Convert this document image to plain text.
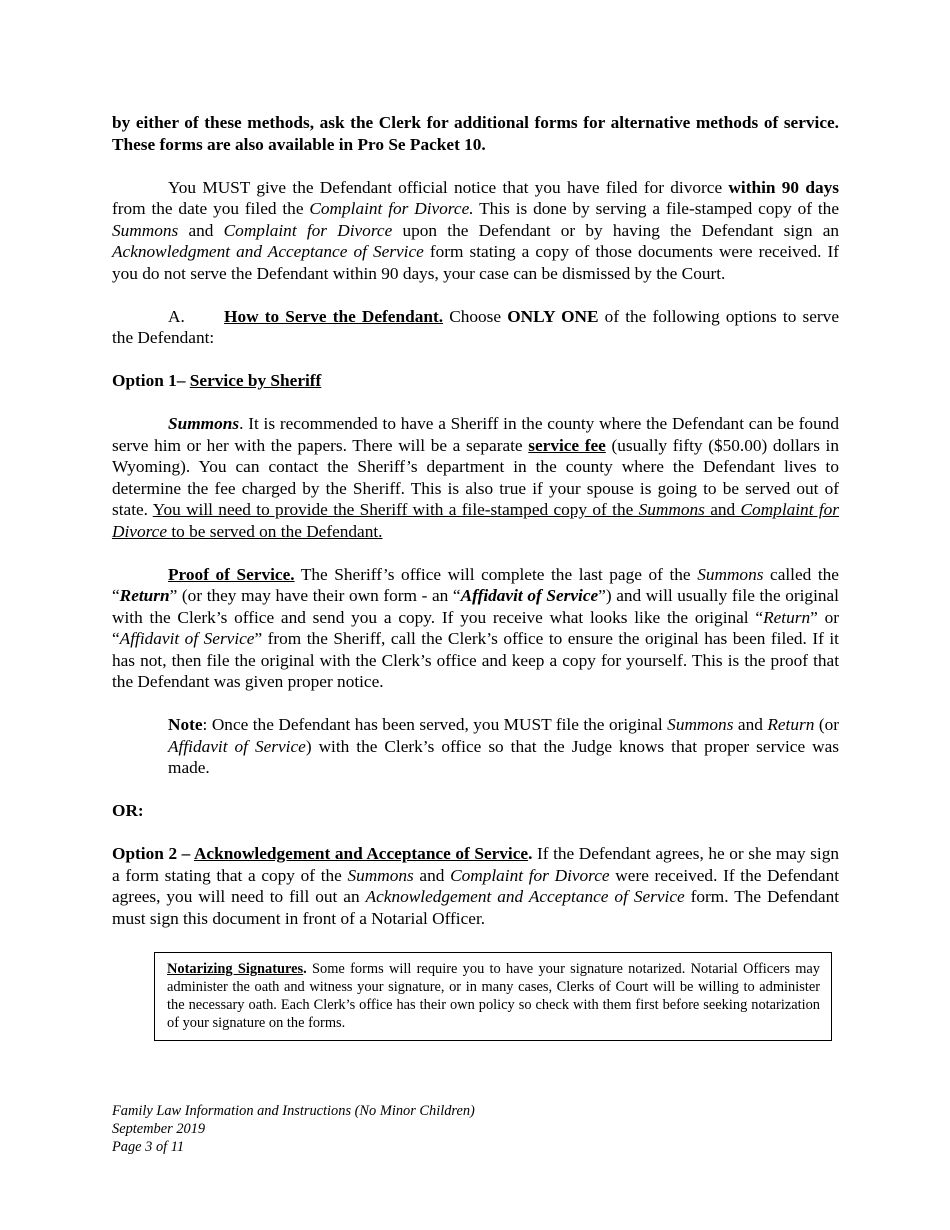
by either of these methods, ask the Clerk for additional forms for alternative methods of service. These forms are also available in Pro Se Packet 10.

You MUST give the Defendant official notice that you have filed for divorce within 90 days from the date you filed the Complaint for Divorce. This is done by serving a file-stamped copy of the Summons and Complaint for Divorce upon the Defendant or by having the Defendant sign an Acknowledgment and Acceptance of Service form stating a copy of those documents were received. If you do not serve the Defendant within 90 days, your case can be dismissed by the Court.

A. How to Serve the Defendant. Choose ONLY ONE of the following options to serve the Defendant:

Option 1– Service by Sheriff

Summons. It is recommended to have a Sheriff in the county where the Defendant can be found serve him or her with the papers. There will be a separate service fee (usually fifty ($50.00) dollars in Wyoming). You can contact the Sheriff’s department in the county where the Defendant lives to determine the fee charged by the Sheriff. This is also true if your spouse is going to be served out of state. You will need to provide the Sheriff with a file-stamped copy of the Summons and Complaint for Divorce to be served on the Defendant.

Proof of Service. The Sheriff’s office will complete the last page of the Summons called the “Return” (or they may have their own form - an “Affidavit of Service”) and will usually file the original with the Clerk’s office and send you a copy. If you receive what looks like the original “Return” or “Affidavit of Service” from the Sheriff, call the Clerk’s office to ensure the original has been filed. If it has not, then file the original with the Clerk’s office and keep a copy for yourself. This is the proof that the Defendant was given proper notice.

Note: Once the Defendant has been served, you MUST file the original Summons and Return (or Affidavit of Service) with the Clerk’s office so that the Judge knows that proper service was made.

OR:

Option 2 – Acknowledgement and Acceptance of Service. If the Defendant agrees, he or she may sign a form stating that a copy of the Summons and Complaint for Divorce were received. If the Defendant agrees, you will need to fill out an Acknowledgement and Acceptance of Service form. The Defendant must sign this document in front of a Notarial Officer.

Notarizing Signatures. Some forms will require you to have your signature notarized. Notarial Officers may administer the oath and witness your signature, or in many cases, Clerks of Court will be willing to administer the necessary oath. Each Clerk’s office has their own policy so check with them first before seeking notarization of your signature on the forms.
Family Law Information and Instructions (No Minor Children)
September 2019
Page 3 of 11
